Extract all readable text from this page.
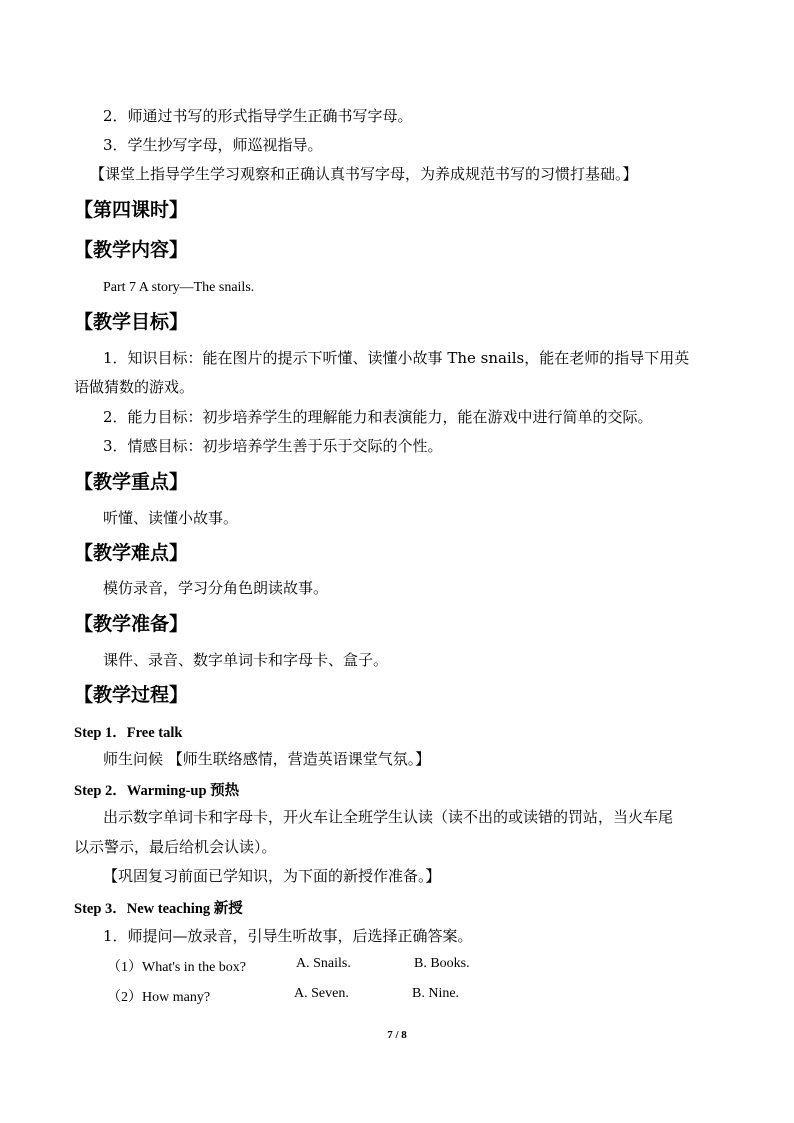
2．师通过书写的形式指导学生正确书写字母。
3．学生抄写字母，师巡视指导。
【课堂上指导学生学习观察和正确认真书写字母，为养成规范书写的习惯打基础。】
【第四课时】
【教学内容】
Part 7 A story—The snails.
【教学目标】
1．知识目标：能在图片的提示下听懂、读懂小故事 The snails，能在老师的指导下用英
语做猜数的游戏。
2．能力目标：初步培养学生的理解能力和表演能力，能在游戏中进行简单的交际。
3．情感目标：初步培养学生善于乐于交际的个性。
【教学重点】
听懂、读懂小故事。
【教学难点】
模仿录音，学习分角色朗读故事。
【教学准备】
课件、录音、数字单词卡和字母卡、盒子。
【教学过程】
Step 1．Free talk
师生问候 【师生联络感情，营造英语课堂气氛。】
Step 2．Warming-up 预热
出示数字单词卡和字母卡，开火车让全班学生认读（读不出的或读错的罚站，当火车尾
以示警示，最后给机会认读）。
【巩固复习前面已学知识，为下面的新授作准备。】
Step 3．New teaching 新授
1．师提问—放录音，引导生听故事，后选择正确答案。
（1）What's in the box?	A. Snails.	B. Books.
（2）How many?	A. Seven.	B. Nine.
7 / 8
